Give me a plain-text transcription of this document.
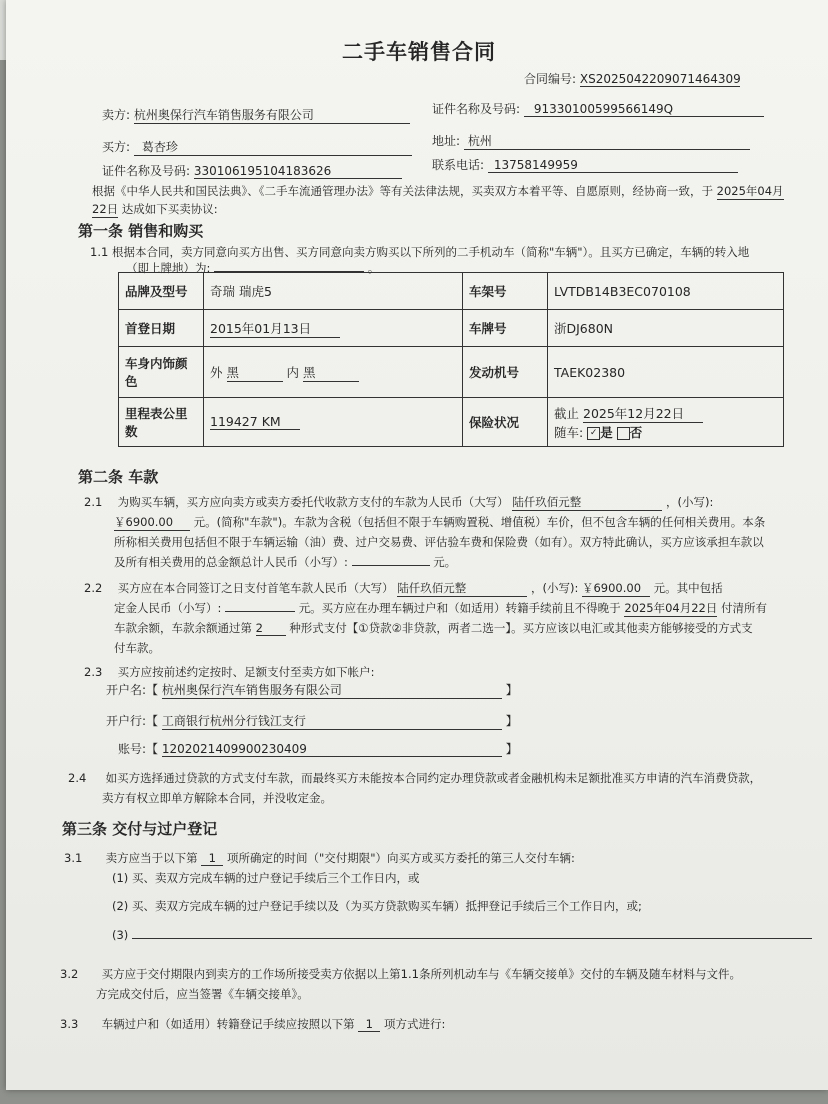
二手车销售合同
合同编号: XS2025042209071464309
卖方: 杭州奥保行汽车销售服务有限公司	证件名称及号码: 91330100599566149Q
买方: 葛杏珍	地址: 杭州
证件名称及号码: 330106195104183626	联系电话: 13758149959
根据《中华人民共和国民法典》、《二手车流通管理办法》等有关法律法规，买卖双方本着平等、自愿原则，经协商一致，于 2025年04月
22日 达成如下买卖协议:
第一条 销售和购买
1.1 根据本合同，卖方同意向买方出售、买方同意向卖方购买以下所列的二手机动车（简称"车辆"）。且买方已确定，车辆的转入地
（即上牌地）为:	。
品牌及型号	奇瑞 瑞虎5	车架号	LVTDB14B3EC070108
首登日期	2015年01月13日	车牌号	浙DJ680N
车身内饰颜色	外 黑 内 黑	发动机号	TAEK02380
里程表公里数	119427 KM	保险状况	截止 2025年12月22日
随车: ✓ 是 否
第二条 车款
2.1 为购买车辆，买方应向卖方或卖方委托代收款方支付的车款为人民币（大写） 陆仟玖佰元整	，(小写):
￥6900.00 元。(简称"车款")。车款为含税（包括但不限于车辆购置税、增值税）车价，但不包含车辆的任何相关费用。本条
所称相关费用包括但不限于车辆运输（油）费、过户交易费、评估验车费和保险费（如有）。双方特此确认，买方应该承担车款以
及所有相关费用的总金额总计人民币（小写）:	元。
2.2 买方应在本合同签订之日支付首笔车款人民币（大写） 陆仟玖佰元整	，(小写): ￥6900.00 元。其中包括
定金人民币（小写）:	元。买方应在办理车辆过户和（如适用）转籍手续前且不得晚于 2025年04月22日 付清所有
车款余额，车款余额通过第 2 种形式支付【①贷款②非贷款，两者二选一】。买方应该以电汇或其他卖方能够接受的方式支
付车款。
2.3 买方应按前述约定按时、足额支付至卖方如下帐户:
开户名:【 杭州奥保行汽车销售服务有限公司	】
开户行:【 工商银行杭州分行钱江支行	】
账号:【 1202021409900230409	】
2.4 如买方选择通过贷款的方式支付车款，而最终买方未能按本合同约定办理贷款或者金融机构未足额批准买方申请的汽车消费贷款，
卖方有权立即单方解除本合同，并没收定金。
第三条 交付与过户登记
3.1 卖方应当于以下第 1 项所确定的时间（"交付期限"）向买方或买方委托的第三人交付车辆:
(1) 买、卖双方完成车辆的过户登记手续后三个工作日内，或
(2) 买、卖双方完成车辆的过户登记手续以及（为买方贷款购买车辆）抵押登记手续后三个工作日内，或;
(3)
3.2 买方应于交付期限内到卖方的工作场所接受卖方依据以上第1.1条所列机动车与《车辆交接单》交付的车辆及随车材料与文件。
方完成交付后，应当签署《车辆交接单》。
3.3 车辆过户和（如适用）转籍登记手续应按照以下第 1 项方式进行:
